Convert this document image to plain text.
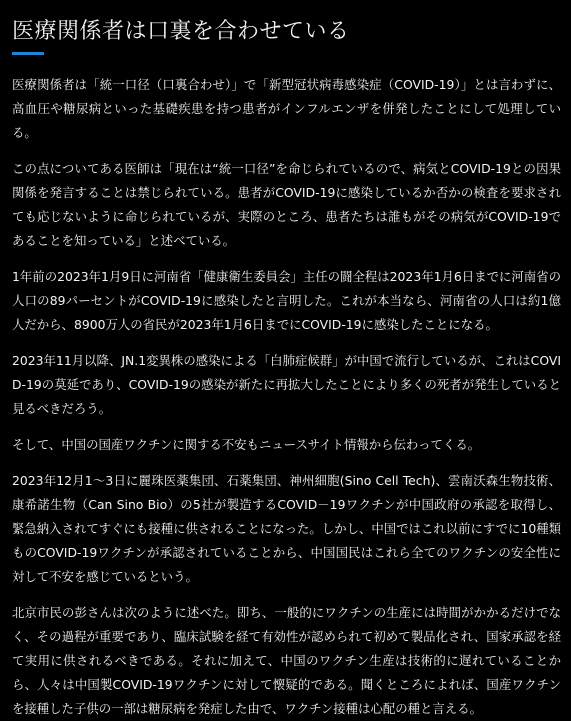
医療関係者は口裏を合わせている

医療関係者は「統一口径（口裏合わせ）」で「新型冠状病毒感染症（COVID-19）」とは言わずに、高血圧や糖尿病といった基礎疾患を持つ患者がインフルエンザを併発したことにして処理している。

この点についてある医師は「現在は“統一口径”を命じられているので、病気とCOVID-19との因果関係を発言することは禁じられている。患者がCOVID-19に感染しているか否かの検査を要求されても応じないように命じられているが、実際のところ、患者たちは誰もがその病気がCOVID-19であることを知っている」と述べている。

1年前の2023年1月9日に河南省「健康衛生委員会」主任の闘全程は2023年1月6日までに河南省の人口の89パーセントがCOVID-19に感染したと言明した。これが本当なら、河南省の人口は約1億人だから、8900万人の省民が2023年1月6日までにCOVID-19に感染したことになる。

2023年11月以降、JN.1変異株の感染による「白肺症候群」が中国で流行しているが、これはCOVID-19の莫延であり、COVID-19の感染が新たに再拡大したことにより多くの死者が発生していると見るべきだろう。

そして、中国の国産ワクチンに関する不安もニュースサイト情報から伝わってくる。

2023年12月1～3日に麗珠医薬集団、石薬集団、神州細胞(Sino Cell Tech)、雲南沃森生物技術、康希諾生物（Can Sino Bio）の5社が製造するCOVID－19ワクチンが中国政府の承認を取得し、緊急納入されてすぐにも接種に供されることになった。しかし、中国ではこれ以前にすでに10種類ものCOVID-19ワクチンが承認されていることから、中国国民はこれら全てのワクチンの安全性に対して不安を感じているという。

北京市民の彭さんは次のように述べた。即ち、一般的にワクチンの生産には時間がかかるだけでなく、その過程が重要であり、臨床試験を経て有効性が認められて初めて製品化され、国家承認を経て実用に供されるべきである。それに加えて、中国のワクチン生産は技術的に遅れていることから、人々は中国製COVID-19ワクチンに対して懐疑的である。聞くところによれば、国産ワクチンを接種した子供の一部は糖尿病を発症した由で、ワクチン接種は心配の種と言える。
